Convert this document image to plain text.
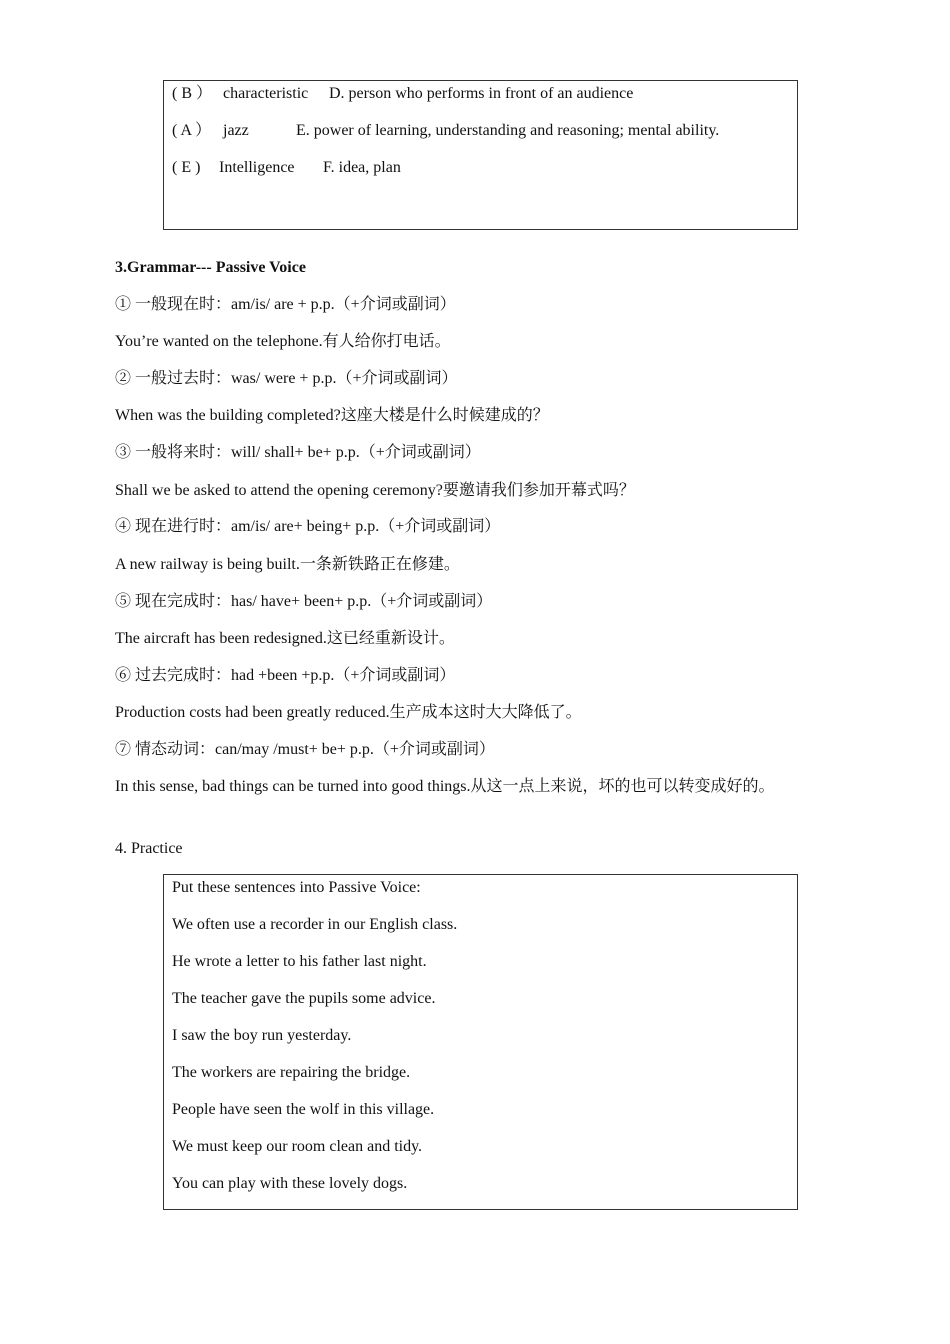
( B ） characteristic D. person who performs in front of an audience
( A ） jazz	E. power of learning, understanding and reasoning; mental ability.
( E ) Intelligence F. idea, plan
3.Grammar--- Passive Voice
① 一般现在时：am/is/ are + p.p.（+介词或副词）
You’re wanted on the telephone.有人给你打电话。
② 一般过去时：was/ were + p.p.（+介词或副词）
When was the building completed?这座大楼是什么时候建成的？
③ 一般将来时：will/ shall+ be+ p.p.（+介词或副词）
Shall we be asked to attend the opening ceremony?要邀请我们参加开幕式吗？
④ 现在进行时：am/is/ are+ being+ p.p.（+介词或副词）
A new railway is being built.一条新铁路正在修建。
⑤ 现在完成时：has/ have+ been+ p.p.（+介词或副词）
The aircraft has been redesigned.这已经重新设计。
⑥ 过去完成时：had +been +p.p.（+介词或副词）
Production costs had been greatly reduced.生产成本这时大大降低了。
⑦ 情态动词：can/may /must+ be+ p.p.（+介词或副词）
In this sense, bad things can be turned into good things.从这一点上来说，坏的也可以转变成好的。
4. Practice
Put these sentences into Passive Voice:
We often use a recorder in our English class.
He wrote a letter to his father last night.
The teacher gave the pupils some advice.
I saw the boy run yesterday.
The workers are repairing the bridge.
People have seen the wolf in this village.
We must keep our room clean and tidy.
You can play with these lovely dogs.
